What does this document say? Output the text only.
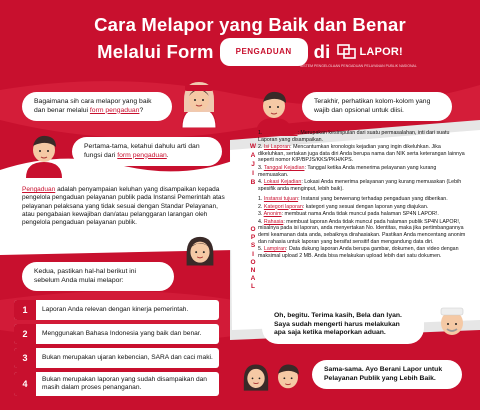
Cara Melapor yang Baik dan Benar
Melalui Form	PENGADUAN	di	LAPOR!
SISTEM PENGELOLAAN PENGADUAN PELAYANAN PUBLIK NASIONAL
Bagaimana sih cara melapor yang baik dan benar melalui form pengaduan?
Pertama-tama, ketahui dahulu arti dan fungsi dari form pengaduan.
Pengaduan adalah penyampaian keluhan yang disampaikan kepada pengelola pengaduan pelayanan publik pada Instansi Pemerintah atas pelayanan pelaksana yang tidak sesuai dengan Standar Pelayanan, atau pengabaian kewajiban dan/atau pelanggaran larangan oleh pengelola pengaduan pelayanan publik.
Kedua, pastikan hal-hal berikut ini sebelum Anda mulai melapor:
1	Laporan Anda relevan dengan kinerja pemerintah.
2	Menggunakan Bahasa Indonesia yang baik dan benar.
3	Bukan merupakan ujaran kebencian, SARA dan caci maki.
4	Bukan merupakan laporan yang sudah disampaikan dan masih dalam proses penanganan.
Terakhir, perhatikan kolom-kolom yang wajib dan opsional untuk diisi.
W
A
J
I
B

1. Judul Laporan: Merupakan kesimpulan dari suatu permasalahan, inti dari suatu Laporan yang disampaikan.

2. Isi Laporan: Mencantumkan kronologis kejadian yang ingin dikeluhkan. Jika dikeluhkan, sertakan juga data diri Anda berupa nama dan NIK serta keterangan lainnya seperti nomor KIP/BPJS/KKS/PKH/KPS.

3. Tanggal Kejadian: Tanggal ketika Anda menerima pelayanan yang kurang memuaskan.

4. Lokasi Kejadian: Lokasi Anda menerima pelayanan yang kurang memuaskan (Lebih spesifik anda menginput, lebih baik).

O
P
S
I
O
N
A
L

1. Instansi tujuan: Instansi yang berwenang terhadap pengaduan yang diberikan.

2. Kategori laporan: kategori yang sesuai dengan laporan yang diajukan.

3. Anonim: membuat nama Anda tidak muncul pada halaman SP4N LAPOR!.

4. Rahasia: membuat laporan Anda tidak muncul pada halaman publik SP4N LAPOR!, misalnya pada isi laporan, anda menyertakan No. Identitas, maka jika pertimbangannya demi keamanan data anda, sebaiknya dirahasiakan. Pastikan Anda mencentang anonim dan rahasia untuk laporan yang bersifat sensitif dan mengandung data diri.

5. Lampiran: Data dukung laporan Anda berupa gambar, dokumen, dan video dengan maksimal upload 2 MB. Anda bisa melakukan upload lebih dari satu dokumen.

Oh, begitu. Terima kasih, Bela dan Iyan. Saya sudah mengerti harus melakukan apa saja ketika melaporkan aduan.
Sama-sama. Ayo Berani Lapor untuk Pelayanan Publik yang Lebih Baik.
